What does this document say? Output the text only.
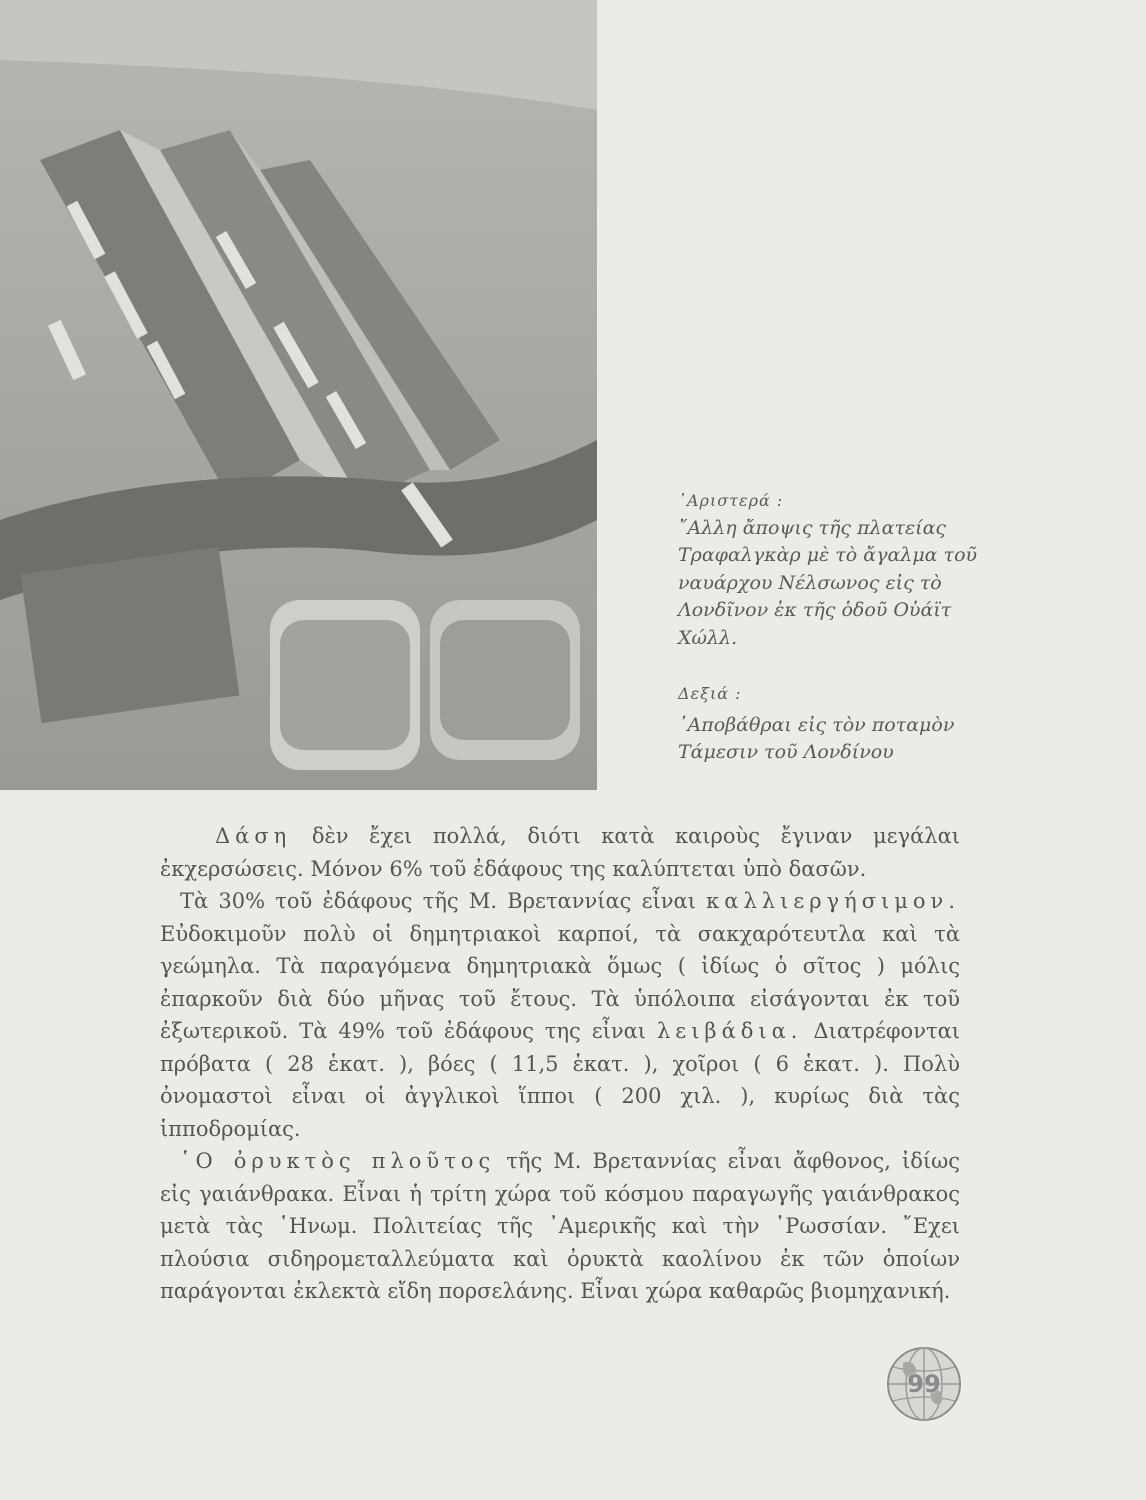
᾿Αριστερά :
῎Αλλη ἄποψις τῆς πλατείας Τραφαλγκὰρ μὲ τὸ ἄγαλμα τοῦ ναυάρχου Νέλσωνος εἰς τὸ Λονδῖνον ἐκ τῆς ὁδοῦ Οὐάϊτ Χώλλ.
Δεξιά :
᾿Αποβάθραι εἰς τὸν ποταμὸν Τάμεσιν τοῦ Λονδίνου

Δάση δὲν ἔχει πολλά, διότι κατὰ καιροὺς ἔγιναν μεγάλαι ἐκχερσώσεις. Μόνον 6% τοῦ ἐδάφους της καλύπτεται ὑπὸ δασῶν.

Τὰ 30% τοῦ ἐδάφους τῆς Μ. Βρεταννίας εἶναι καλλιεργήσιμον. Εὐδοκιμοῦν πολὺ οἱ δημητριακοὶ καρποί, τὰ σακχαρότευτλα καὶ τὰ γεώμηλα. Τὰ παραγόμενα δημητριακὰ ὅμως ( ἰδίως ὁ σῖτος ) μόλις ἐπαρκοῦν διὰ δύο μῆνας τοῦ ἔτους. Τὰ ὑπόλοιπα εἰσάγονται ἐκ τοῦ ἐξωτερικοῦ. Τὰ 49% τοῦ ἐδάφους της εἶναι λειβάδια. Διατρέφονται πρόβατα ( 28 ἑκατ. ), βόες ( 11,5 ἑκατ. ), χοῖροι ( 6 ἑκατ. ). Πολὺ ὀνομαστοὶ εἶναι οἱ ἀγγλικοὶ ἵπποι ( 200 χιλ. ), κυρίως διὰ τὰς ἱπποδρομίας.

῾Ο ὀρυκτὸς πλοῦτος τῆς Μ. Βρεταννίας εἶναι ἄφθονος, ἰδίως εἰς γαιάνθρακα. Εἶναι ἡ τρίτη χώρα τοῦ κόσμου παραγωγῆς γαιάνθρακος μετὰ τὰς ῾Ηνωμ. Πολιτείας τῆς ᾿Αμερικῆς καὶ τὴν ῾Ρωσσίαν. ῎Εχει πλούσια σιδηρομεταλλεύματα καὶ ὀρυκτὰ καολίνου ἐκ τῶν ὁποίων παράγονται ἐκλεκτὰ εἴδη πορσελάνης. Εἶναι χώρα καθαρῶς βιομηχανική.

99
